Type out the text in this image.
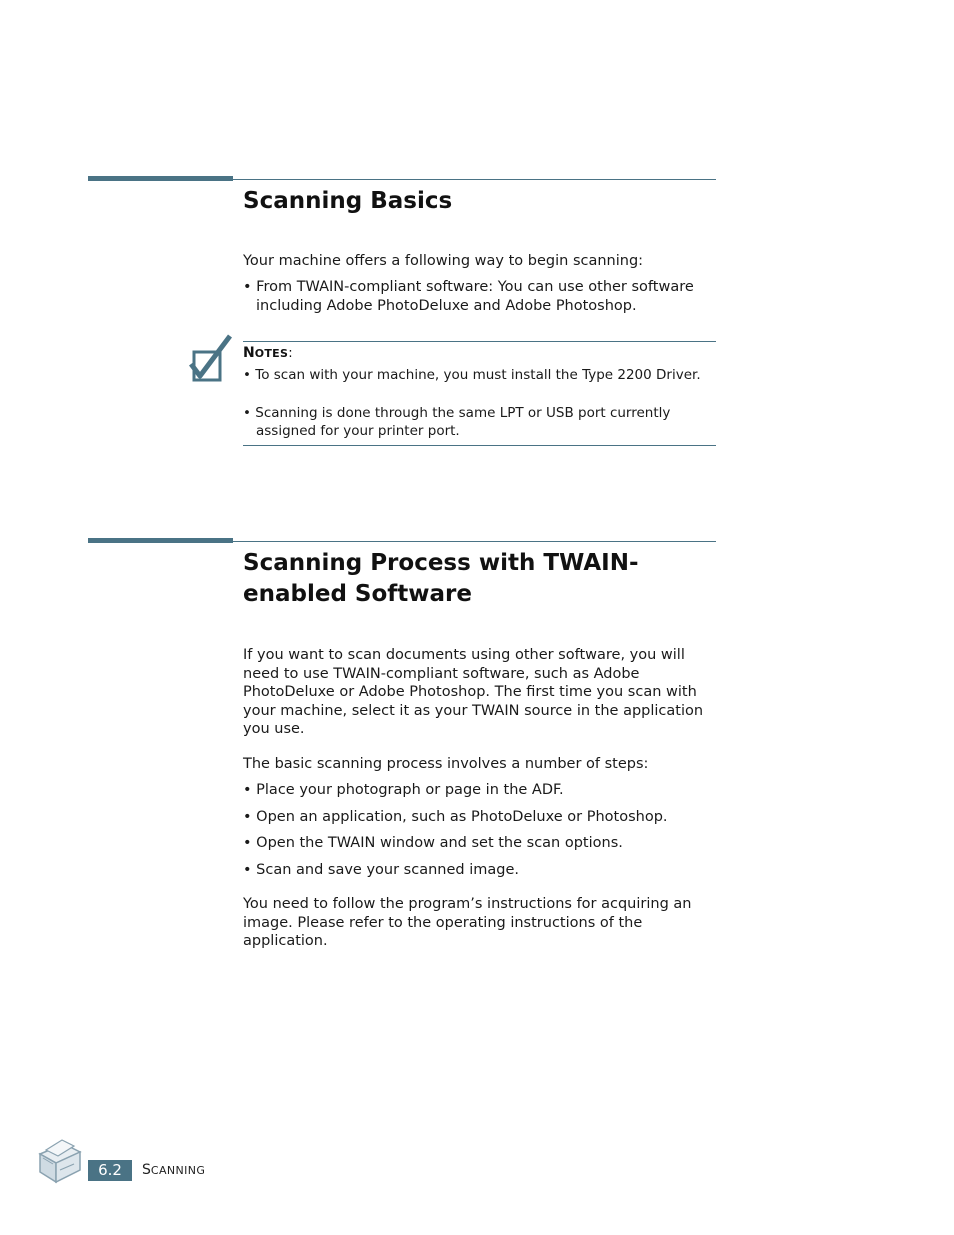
Scanning Basics

Your machine offers a following way to begin scanning:

• From TWAIN-compliant software: You can use other software including Adobe PhotoDeluxe and Adobe Photoshop.

NOTES:

• To scan with your machine, you must install the Type 2200 Driver.

• Scanning is done through the same LPT or USB port currently assigned for your printer port.

Scanning Process with TWAIN-
enabled Software

If you want to scan documents using other software, you will need to use TWAIN-compliant software, such as Adobe PhotoDeluxe or Adobe Photoshop. The first time you scan with your machine, select it as your TWAIN source in the application you use.

The basic scanning process involves a number of steps:

• Place your photograph or page in the ADF.

• Open an application, such as PhotoDeluxe or Photoshop.

• Open the TWAIN window and set the scan options.

• Scan and save your scanned image.

You need to follow the program’s instructions for acquiring an image. Please refer to the operating instructions of the application.

6.2	SCANNING
